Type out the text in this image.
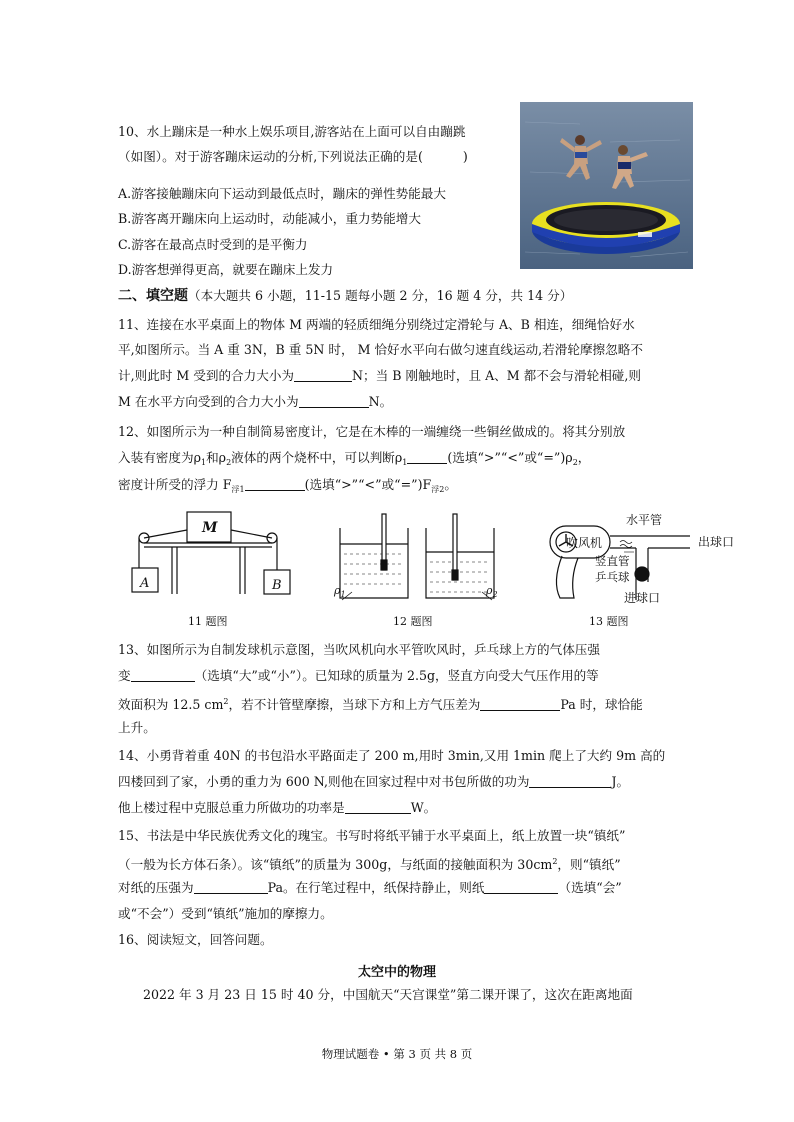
10、水上蹦床是一种水上娱乐项目,游客站在上面可以自由蹦跳
（如图）。对于游客蹦床运动的分析,下列说法正确的是(	)
A.游客接触蹦床向下运动到最低点时，蹦床的弹性势能最大
B.游客离开蹦床向上运动时，动能减小，重力势能增大
C.游客在最高点时受到的是平衡力
D.游客想弹得更高，就要在蹦床上发力
二、填空题（本大题共 6 小题，11-15 题每小题 2 分，16 题 4 分，共 14 分）
11、连接在水平桌面上的物体 M 两端的轻质细绳分别绕过定滑轮与 A、B 相连，细绳恰好水
平,如图所示。当 A 重 3N，B 重 5N 时， M 恰好水平向右做匀速直线运动,若滑轮摩擦忽略不
计,则此时 M 受到的合力大小为	N；当 B 刚触地时，且 A、M 都不会与滑轮相碰,则
M 在水平方向受到的合力大小为	N。
12、如图所示为一种自制简易密度计，它是在木棒的一端缠绕一些铜丝做成的。将其分别放
入装有密度为$\rho_1$和$\rho_2$液体的两个烧杯中，可以判断$\rho_1$	(选填“>”“<”或“$=”)\rho_2$，
密度计所受的浮力 $F_{浮1}$	(选填“>”“<”或“$=”)F_{浮2}$。
M
A	B
11 题图
$\rho_1$	$\rho_2$
12 题图
水平管
吹风机	出球口
竖直管
乒乓球
进球口
13 题图
13、如图所示为自制发球机示意图，当吹风机向水平管吹风时，乒乓球上方的气体压强
变	（选填“大”或“小”）。已知球的质量为 2.5g，竖直方向受大气压作用的等
效面积为 12.5 $cm^2$，若不计管壁摩擦，当球下方和上方气压差为	Pa 时，球恰能
上升。
14、小勇背着重 40N 的书包沿水平路面走了 200 m,用时 3min,又用 1min 爬上了大约 9m 高的
四楼回到了家，小勇的重力为 600 N,则他在回家过程中对书包所做的功为	J。
他上楼过程中克服总重力所做功的功率是	W。
15、书法是中华民族优秀文化的瑰宝。书写时将纸平铺于水平桌面上，纸上放置一块“镇纸”
（一般为长方体石条）。该“镇纸”的质量为 300g，与纸面的接触面积为 $30cm^2$，则“镇纸”
对纸的压强为	Pa。在行笔过程中，纸保持静止，则纸	（选填“会”
或“不会”）受到“镇纸”施加的摩擦力。
16、阅读短文，回答问题。
太空中的物理
2022 年 3 月 23 日 15 时 40 分，中国航天“天宫课堂”第二课开课了，这次在距离地面
物理试题卷 • 第 3 页 共 8 页
